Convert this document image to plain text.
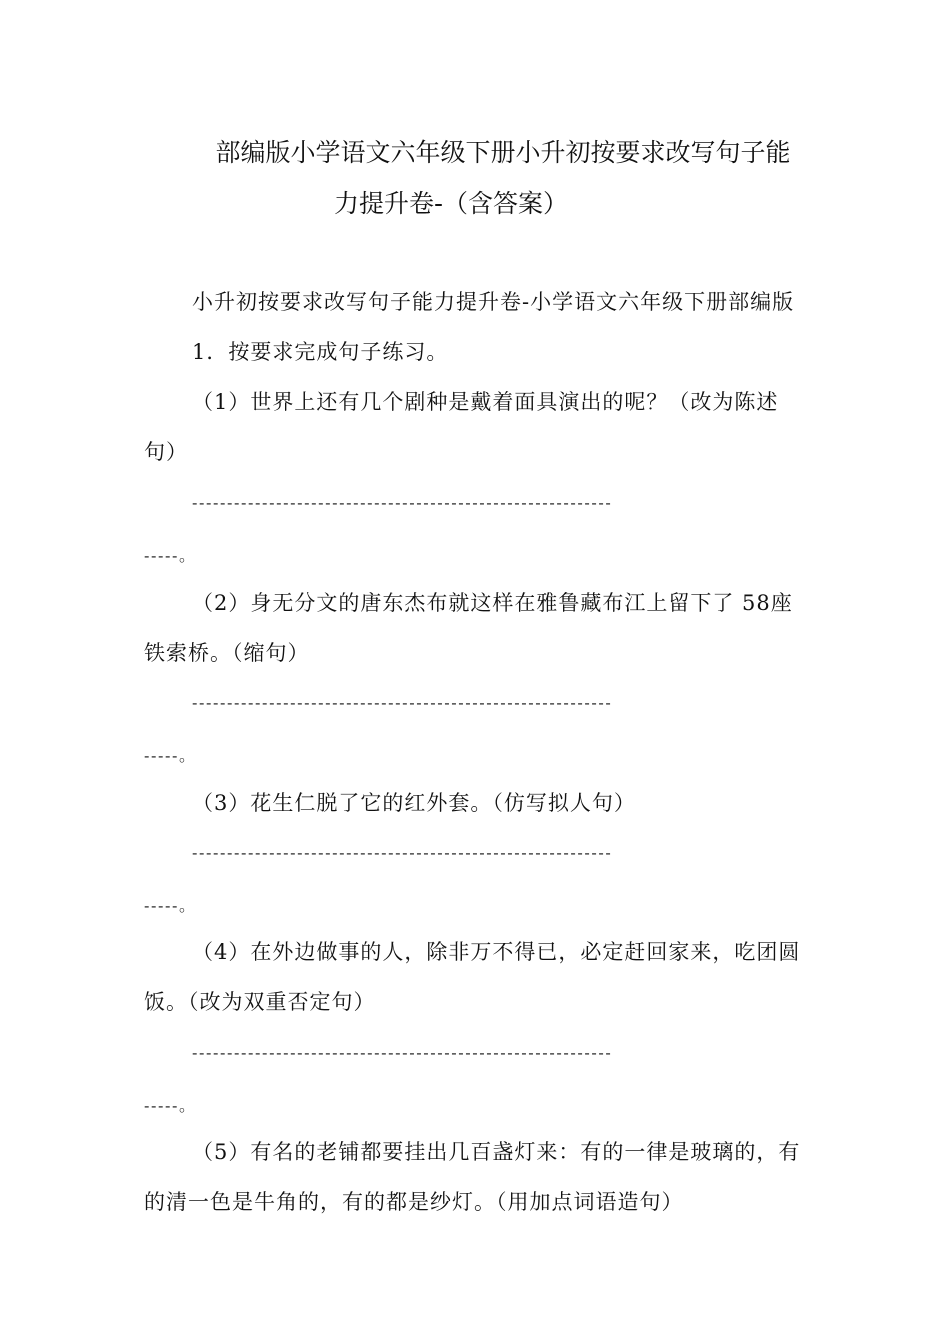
部编版小学语文六年级下册小升初按要求改写句子能
力提升卷-（含答案）
小升初按要求改写句子能力提升卷-小学语文六年级下册部编版
1．按要求完成句子练习。
（1）世界上还有几个剧种是戴着面具演出的呢？（改为陈述
句）
------------------------------------------------------------
-----。
（2）身无分文的唐东杰布就这样在雅鲁藏布江上留下了 58座
铁索桥。（缩句）
------------------------------------------------------------
-----。
（3）花生仁脱了它的红外套。（仿写拟人句）
------------------------------------------------------------
-----。
（4）在外边做事的人，除非万不得已，必定赶回家来，吃团圆
饭。（改为双重否定句）
------------------------------------------------------------
-----。
（5）有名的老铺都要挂出几百盏灯来：有的一律是玻璃的，有
的清一色是牛角的，有的都是纱灯。（用加点词语造句）
